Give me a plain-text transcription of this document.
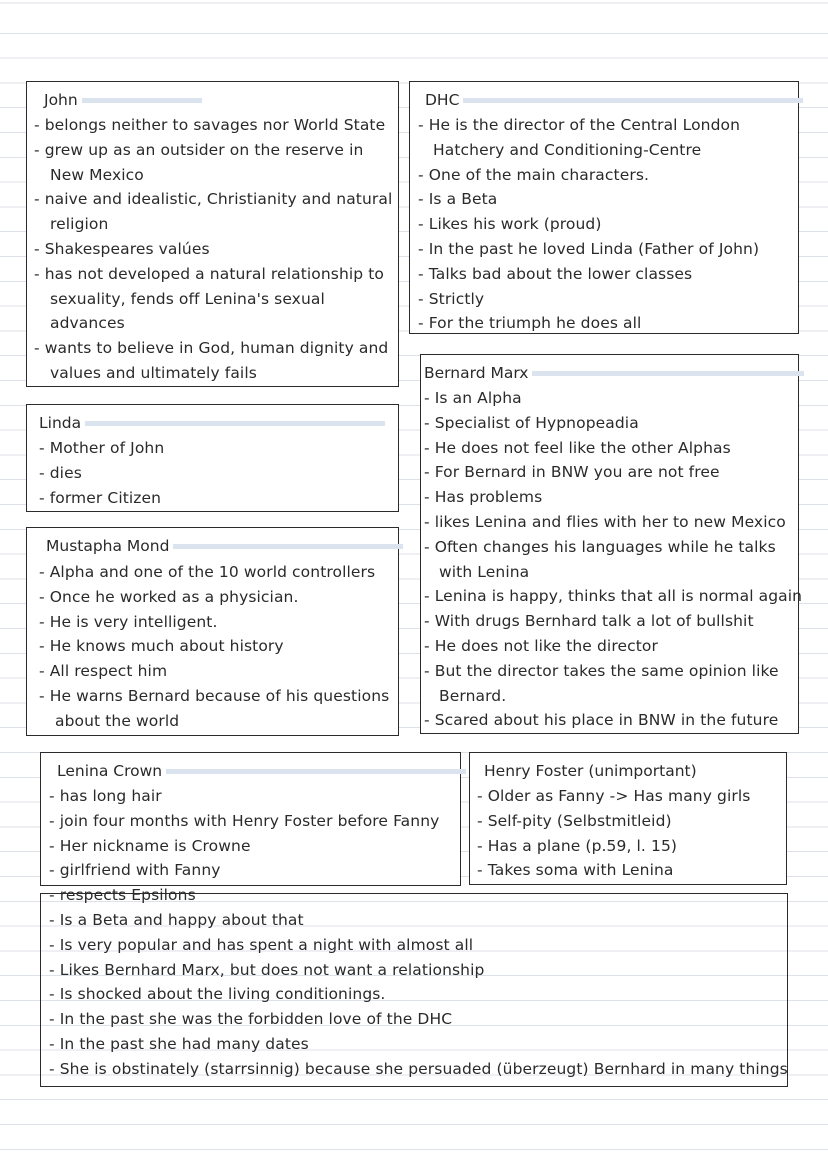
Henry Foster (unimportant)
- Older as Fanny -> Has many girls
- Self-pity (Selbstmitleid)
- Has a plane (p.59, l. 15)
- Takes soma with Lenina
Lenina Crown
- has long hair
- join four months with Henry Foster before Fanny
- Her nickname is Crowne
- girlfriend with Fanny
- respects Epsilons
- Is a Beta and happy about that
- Is very popular and has spent a night with almost all
- Likes Bernhard Marx, but does not want a relationship
- Is shocked about the living conditionings.
- In the past she was the forbidden love of the DHC
- In the past she had many dates
- She is obstinately (starrsinnig) because she persuaded (überzeugt) Bernhard in many things
John
- belongs neither to savages nor World State
- grew up as an outsider on the reserve in
New Mexico
- naive and idealistic, Christianity and natural
religion
- Shakespeares valúes
- has not developed a natural relationship to
sexuality, fends off Lenina's sexual
advances
- wants to believe in God, human dignity and
values and ultimately fails
DHC
- He is the director of the Central London
Hatchery and Conditioning-Centre
- One of the main characters.
- Is a Beta
- Likes his work (proud)
- In the past he loved Linda (Father of John)
- Talks bad about the lower classes
- Strictly
- For the triumph he does all
Bernard Marx
- Is an Alpha
- Specialist of Hypnopeadia
- He does not feel like the other Alphas
- For Bernard in BNW you are not free
- Has problems
- likes Lenina and flies with her to new Mexico
- Often changes his languages while he talks
with Lenina
- Lenina is happy, thinks that all is normal again
- With drugs Bernhard talk a lot of bullshit
- He does not like the director
- But the director takes the same opinion like
Bernard.
- Scared about his place in BNW in the future
Linda
- Mother of John
- dies
- former Citizen
Mustapha Mond
- Alpha and one of the 10 world controllers
- Once he worked as a physician.
- He is very intelligent.
- He knows much about history
- All respect him
- He warns Bernard because of his questions
about the world
